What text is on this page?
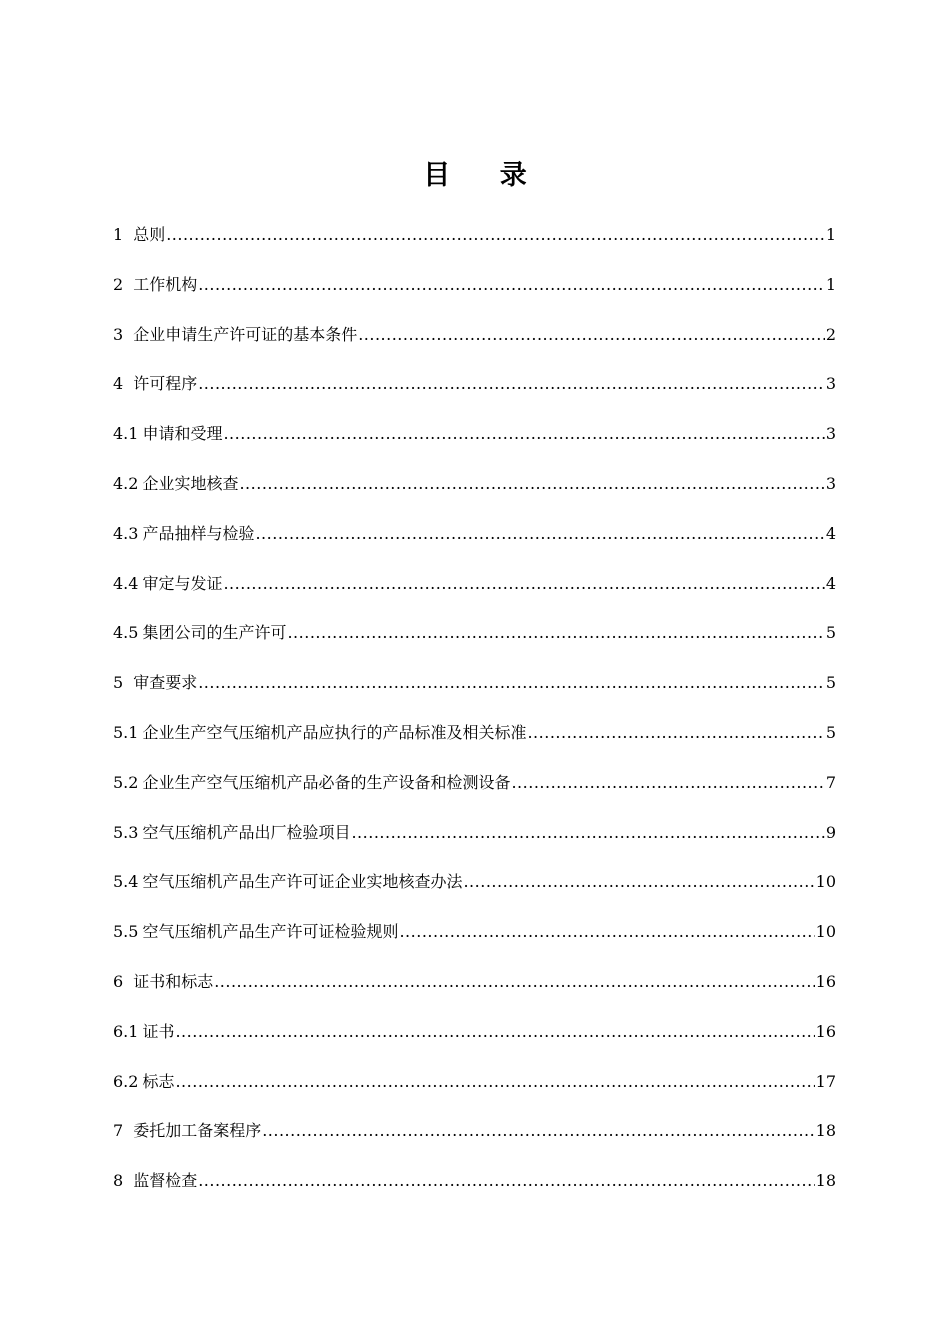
目 录
1 总则 .....	1
2 工作机构 .....	1
3 企业申请生产许可证的基本条件 .....	2
4 许可程序 .....	3
4.1 申请和受理 .....	3
4.2 企业实地核查 .....	3
4.3 产品抽样与检验 .....	4
4.4 审定与发证 .....	4
4.5 集团公司的生产许可 .....	5
5 审查要求 .....	5
5.1 企业生产空气压缩机产品应执行的产品标准及相关标准 .....	5
5.2 企业生产空气压缩机产品必备的生产设备和检测设备 .....	7
5.3 空气压缩机产品出厂检验项目 .....	9
5.4 空气压缩机产品生产许可证企业实地核查办法 .....	10
5.5 空气压缩机产品生产许可证检验规则 .....	10
6 证书和标志 .....	16
6.1 证书 .....	16
6.2 标志 .....	17
7 委托加工备案程序 .....	18
8 监督检查 .....	18
